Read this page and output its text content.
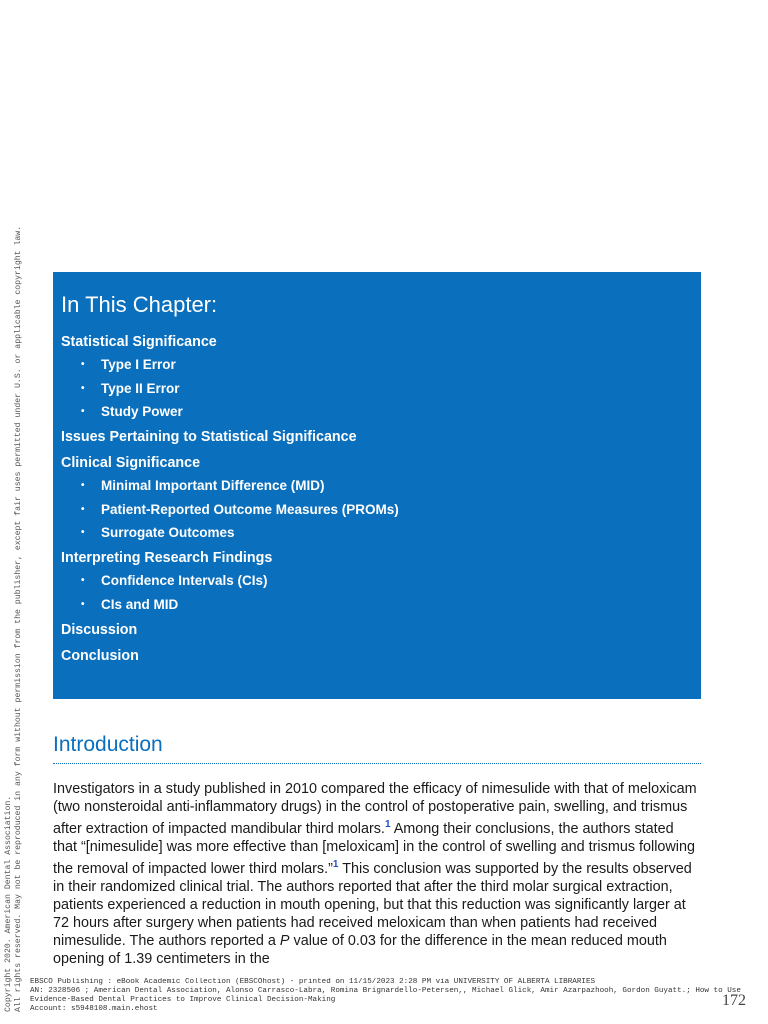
Copyright 2020. American Dental Association. All rights reserved. May not be reproduced in any form without permission from the publisher, except fair uses permitted under U.S. or applicable copyright law. In This Chapter:
Statistical Significance
• Type I Error
• Type II Error
• Study Power
Issues Pertaining to Statistical Significance
Clinical Significance
• Minimal Important Difference (MID)
• Patient-Reported Outcome Measures (PROMs)
• Surrogate Outcomes
Interpreting Research Findings
• Confidence Intervals (CIs)
• CIs and MID
Discussion
Conclusion
Introduction

Investigators in a study published in 2010 compared the efficacy of nimesulide with that of meloxicam (two nonsteroidal anti-inflammatory drugs) in the control of postoperative pain, swelling, and trismus after extraction of impacted mandibular third molars.$^1$ Among their conclusions, the authors stated that “[nimesulide] was more effective than [meloxicam] in the control of swelling and trismus following the removal of impacted lower third molars.”$^1$ This conclusion was supported by the results observed in their randomized clinical trial. The authors reported that after the third molar surgical extraction, patients experienced a reduction in mouth opening, but that this reduction was significantly larger at 72 hours after surgery when patients had received meloxicam than when patients had received nimesulide. The authors reported a P value of 0.03 for the difference in the mean reduced mouth opening of 1.39 centimeters in the

EBSCO Publishing : eBook Academic Collection (EBSCOhost) - printed on 11/15/2023 2:28 PM via UNIVERSITY OF ALBERTA LIBRARIES
AN: 2328506 ; American Dental Association, Alonso Carrasco-Labra, Romina Brignardello-Petersen,, Michael Glick, Amir Azarpazhooh, Gordon Guyatt.; How to Use
Evidence-Based Dental Practices to Improve Clinical Decision-Making
Account: s5948108.main.ehost	172
